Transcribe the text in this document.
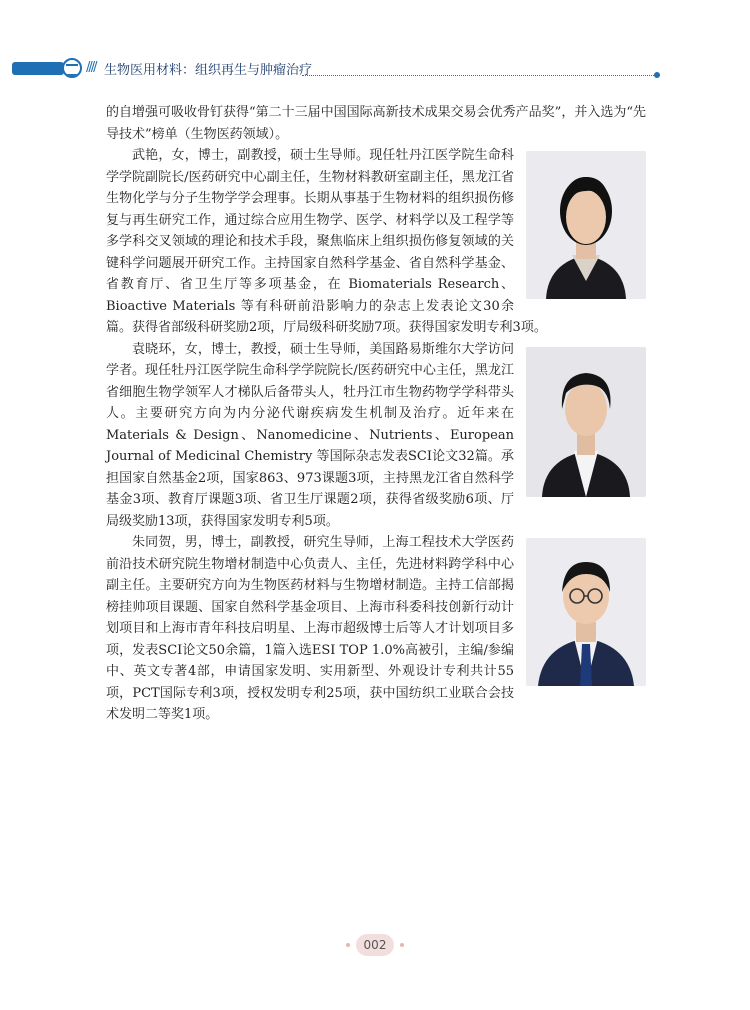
//// 生物医用材料：组织再生与肿瘤治疗

的自增强可吸收骨钉获得“第二十三届中国国际高新技术成果交易会优秀产品奖”，并入选为“先导技术”榜单（生物医药领域）。

武艳，女，博士，副教授，硕士生导师。现任牡丹江医学院生命科学学院副院长/医药研究中心副主任，生物材料教研室副主任，黑龙江省生物化学与分子生物学学会理事。长期从事基于生物材料的组织损伤修复与再生研究工作，通过综合应用生物学、医学、材料学以及工程学等多学科交叉领域的理论和技术手段，聚焦临床上组织损伤修复领域的关键科学问题展开研究工作。主持国家自然科学基金、省自然科学基金、省教育厅、省卫生厅等多项基金，在 Biomaterials Research、Bioactive Materials 等有科研前沿影响力的杂志上发表论文30余篇。获得省部级科研奖励2项，厅局级科研奖励7项。获得国家发明专利3项。

袁晓环，女，博士，教授，硕士生导师，美国路易斯维尔大学访问学者。现任牡丹江医学院生命科学学院院长/医药研究中心主任，黑龙江省细胞生物学领军人才梯队后备带头人，牡丹江市生物药物学学科带头人。主要研究方向为内分泌代谢疾病发生机制及治疗。近年来在 Materials & Design、Nanomedicine、Nutrients、European Journal of Medicinal Chemistry 等国际杂志发表SCI论文32篇。承担国家自然基金2项，国家863、973课题3项，主持黑龙江省自然科学基金3项、教育厅课题3项、省卫生厅课题2项，获得省级奖励6项、厅局级奖励13项，获得国家发明专利5项。

朱同贺，男，博士，副教授，研究生导师，上海工程技术大学医药前沿技术研究院生物增材制造中心负责人、主任，先进材料跨学科中心副主任。主要研究方向为生物医药材料与生物增材制造。主持工信部揭榜挂帅项目课题、国家自然科学基金项目、上海市科委科技创新行动计划项目和上海市青年科技启明星、上海市超级博士后等人才计划项目多项，发表SCI论文50余篇，1篇入选ESI TOP 1.0%高被引，主编/参编中、英文专著4部，申请国家发明、实用新型、外观设计专利共计55项，PCT国际专利3项，授权发明专利25项，获中国纺织工业联合会技术发明二等奖1项。

002
